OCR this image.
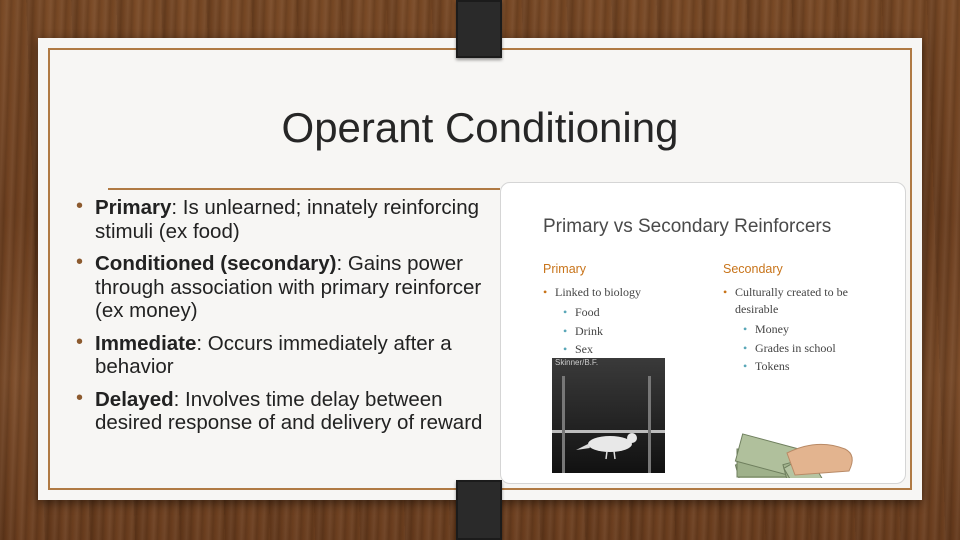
Operant Conditioning
• Primary: Is unlearned; innately reinforcing stimuli (ex food)
• Conditioned (secondary): Gains power through association with primary reinforcer (ex money)
• Immediate: Occurs immediately after a behavior
• Delayed: Involves time delay between desired response of and delivery of reward
Primary vs Secondary Reinforcers
Primary	Secondary
• Linked to biology
• Food
• Drink
• Sex
• Culturally created to be desirable
• Money
• Grades in school
• Tokens
Skinner/B.F.
